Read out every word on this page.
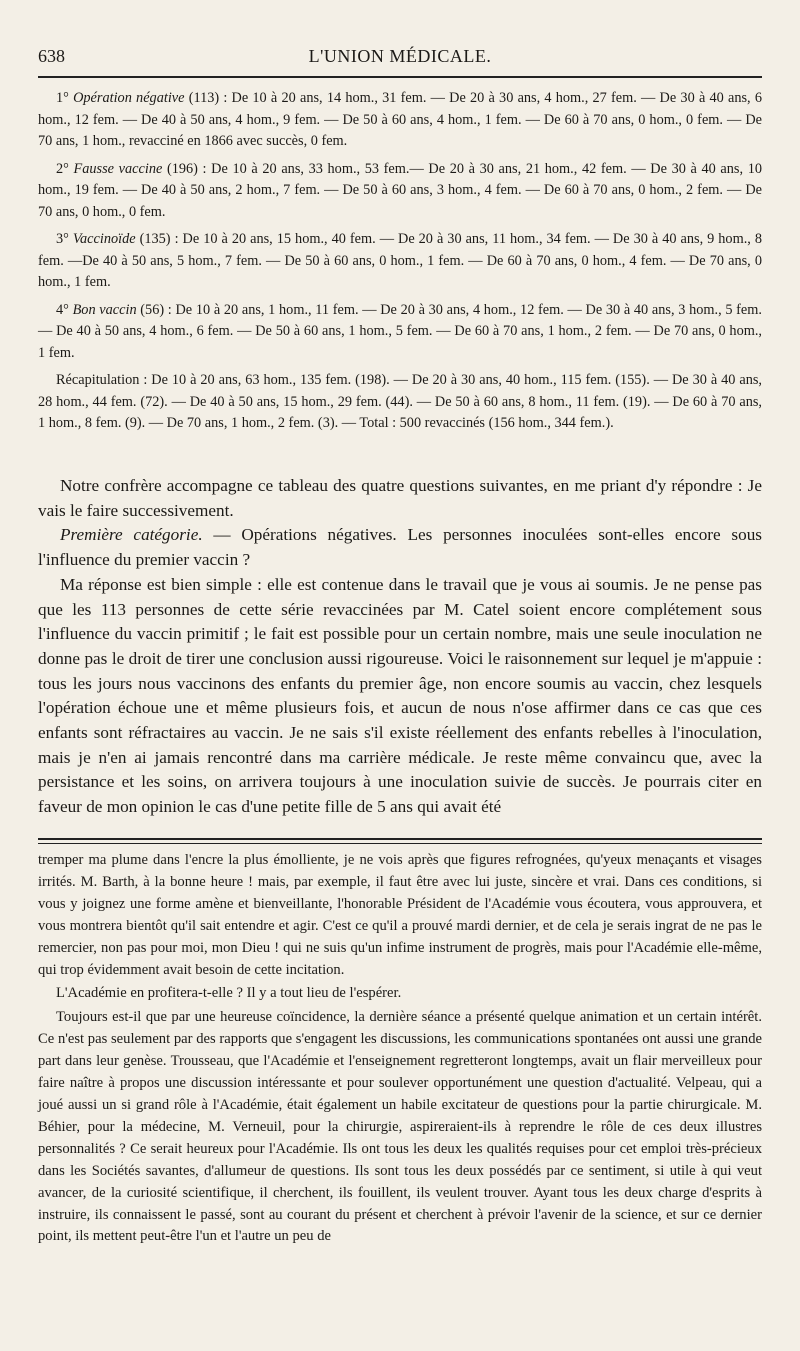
638	L'UNION MÉDICALE.

1° Opération négative (113) : De 10 à 20 ans, 14 hom., 31 fem. — De 20 à 30 ans, 4 hom., 27 fem. — De 30 à 40 ans, 6 hom., 12 fem. — De 40 à 50 ans, 4 hom., 9 fem. — De 50 à 60 ans, 4 hom., 1 fem. — De 60 à 70 ans, 0 hom., 0 fem. — De 70 ans, 1 hom., revacciné en 1866 avec succès, 0 fem.

2° Fausse vaccine (196) : De 10 à 20 ans, 33 hom., 53 fem.— De 20 à 30 ans, 21 hom., 42 fem. — De 30 à 40 ans, 10 hom., 19 fem. — De 40 à 50 ans, 2 hom., 7 fem. — De 50 à 60 ans, 3 hom., 4 fem. — De 60 à 70 ans, 0 hom., 2 fem. — De 70 ans, 0 hom., 0 fem.

3° Vaccinoïde (135) : De 10 à 20 ans, 15 hom., 40 fem. — De 20 à 30 ans, 11 hom., 34 fem. — De 30 à 40 ans, 9 hom., 8 fem. —De 40 à 50 ans, 5 hom., 7 fem. — De 50 à 60 ans, 0 hom., 1 fem. — De 60 à 70 ans, 0 hom., 4 fem. — De 70 ans, 0 hom., 1 fem.

4° Bon vaccin (56) : De 10 à 20 ans, 1 hom., 11 fem. — De 20 à 30 ans, 4 hom., 12 fem. — De 30 à 40 ans, 3 hom., 5 fem. — De 40 à 50 ans, 4 hom., 6 fem. — De 50 à 60 ans, 1 hom., 5 fem. — De 60 à 70 ans, 1 hom., 2 fem. — De 70 ans, 0 hom., 1 fem.

Récapitulation : De 10 à 20 ans, 63 hom., 135 fem. (198). — De 20 à 30 ans, 40 hom., 115 fem. (155). — De 30 à 40 ans, 28 hom., 44 fem. (72). — De 40 à 50 ans, 15 hom., 29 fem. (44). — De 50 à 60 ans, 8 hom., 11 fem. (19). — De 60 à 70 ans, 1 hom., 8 fem. (9). — De 70 ans, 1 hom., 2 fem. (3). — Total : 500 revaccinés (156 hom., 344 fem.).

Notre confrère accompagne ce tableau des quatre questions suivantes, en me priant d'y répondre : Je vais le faire successivement.

Première catégorie. — Opérations négatives. Les personnes inoculées sont-elles encore sous l'influence du premier vaccin ?

Ma réponse est bien simple : elle est contenue dans le travail que je vous ai soumis. Je ne pense pas que les 113 personnes de cette série revaccinées par M. Catel soient encore complétement sous l'influence du vaccin primitif ; le fait est possible pour un certain nombre, mais une seule inoculation ne donne pas le droit de tirer une conclusion aussi rigoureuse. Voici le raisonnement sur lequel je m'appuie : tous les jours nous vaccinons des enfants du premier âge, non encore soumis au vaccin, chez lesquels l'opération échoue une et même plusieurs fois, et aucun de nous n'ose affirmer dans ce cas que ces enfants sont réfractaires au vaccin. Je ne sais s'il existe réellement des enfants rebelles à l'inoculation, mais je n'en ai jamais rencontré dans ma carrière médicale. Je reste même convaincu que, avec la persistance et les soins, on arrivera toujours à une inoculation suivie de succès. Je pourrais citer en faveur de mon opinion le cas d'une petite fille de 5 ans qui avait été

tremper ma plume dans l'encre la plus émolliente, je ne vois après que figures refrognées, qu'yeux menaçants et visages irrités. M. Barth, à la bonne heure ! mais, par exemple, il faut être avec lui juste, sincère et vrai. Dans ces conditions, si vous y joignez une forme amène et bienveillante, l'honorable Président de l'Académie vous écoutera, vous approuvera, et vous montrera bientôt qu'il sait entendre et agir. C'est ce qu'il a prouvé mardi dernier, et de cela je serais ingrat de ne pas le remercier, non pas pour moi, mon Dieu ! qui ne suis qu'un infime instrument de progrès, mais pour l'Académie elle-même, qui trop évidemment avait besoin de cette incitation.

L'Académie en profitera-t-elle ? Il y a tout lieu de l'espérer.

Toujours est-il que par une heureuse coïncidence, la dernière séance a présenté quelque animation et un certain intérêt. Ce n'est pas seulement par des rapports que s'engagent les discussions, les communications spontanées ont aussi une grande part dans leur genèse. Trousseau, que l'Académie et l'enseignement regretteront longtemps, avait un flair merveilleux pour faire naître à propos une discussion intéressante et pour soulever opportunément une question d'actualité. Velpeau, qui a joué aussi un si grand rôle à l'Académie, était également un habile excitateur de questions pour la partie chirurgicale. M. Béhier, pour la médecine, M. Verneuil, pour la chirurgie, aspireraient-ils à reprendre le rôle de ces deux illustres personnalités ? Ce serait heureux pour l'Académie. Ils ont tous les deux les qualités requises pour cet emploi très-précieux dans les Sociétés savantes, d'allumeur de questions. Ils sont tous les deux possédés par ce sentiment, si utile à qui veut avancer, de la curiosité scientifique, il cherchent, ils fouillent, ils veulent trouver. Ayant tous les deux charge d'esprits à instruire, ils connaissent le passé, sont au courant du présent et cherchent à prévoir l'avenir de la science, et sur ce dernier point, ils mettent peut-être l'un et l'autre un peu de
